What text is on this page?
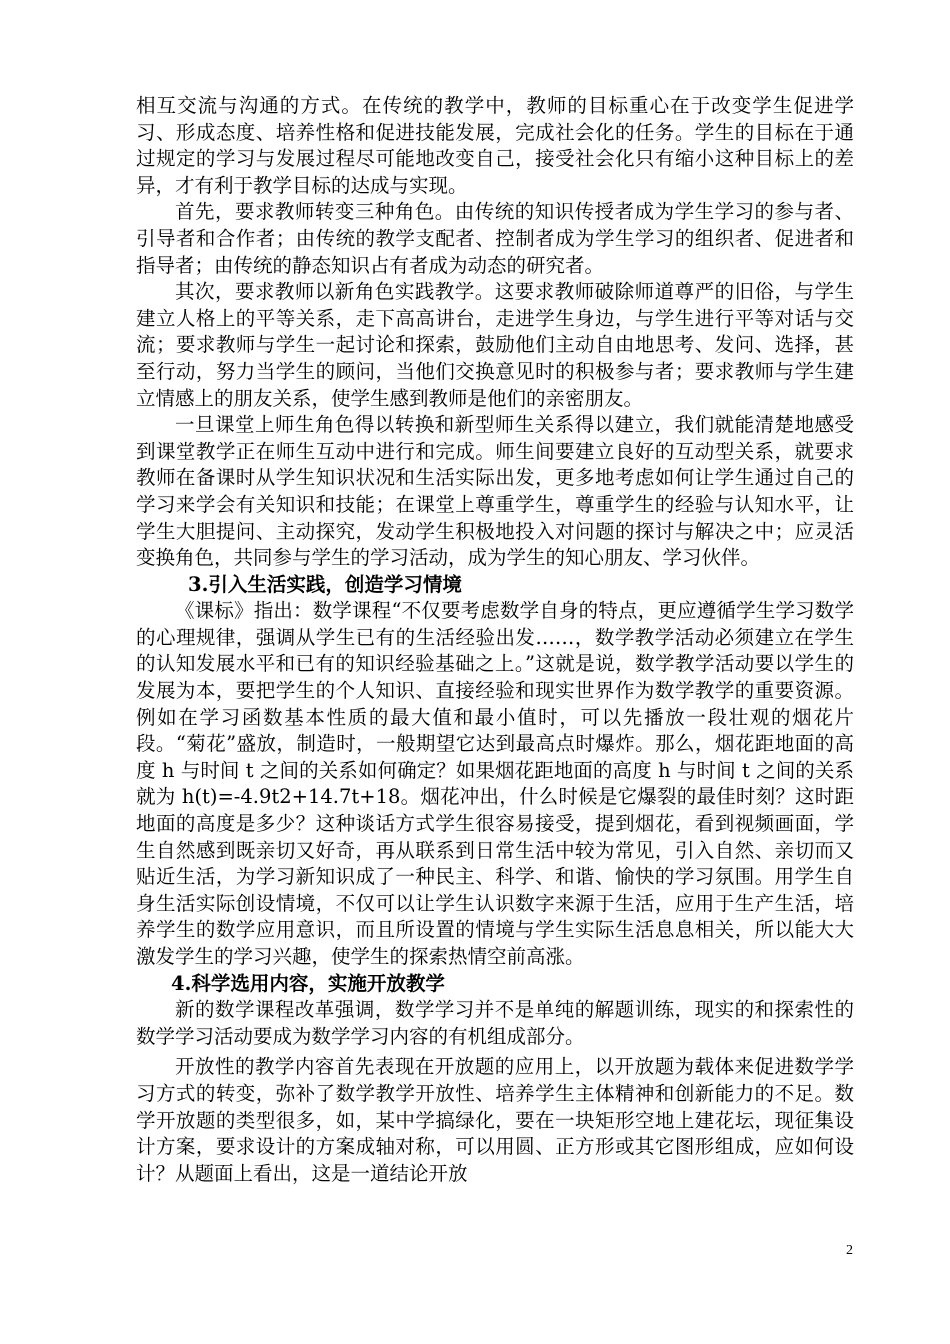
相互交流与沟通的方式。在传统的教学中，教师的目标重心在于改变学生促进学习、形成态度、培养性格和促进技能发展，完成社会化的任务。学生的目标在于通过规定的学习与发展过程尽可能地改变自己，接受社会化只有缩小这种目标上的差异，才有利于教学目标的达成与实现。

首先，要求教师转变三种角色。由传统的知识传授者成为学生学习的参与者、引导者和合作者；由传统的教学支配者、控制者成为学生学习的组织者、促进者和指导者；由传统的静态知识占有者成为动态的研究者。

其次，要求教师以新角色实践教学。这要求教师破除师道尊严的旧俗，与学生建立人格上的平等关系，走下高高讲台，走进学生身边，与学生进行平等对话与交流；要求教师与学生一起讨论和探索，鼓励他们主动自由地思考、发问、选择，甚至行动，努力当学生的顾问，当他们交换意见时的积极参与者；要求教师与学生建立情感上的朋友关系，使学生感到教师是他们的亲密朋友。

一旦课堂上师生角色得以转换和新型师生关系得以建立，我们就能清楚地感受到课堂教学正在师生互动中进行和完成。师生间要建立良好的互动型关系，就要求教师在备课时从学生知识状况和生活实际出发，更多地考虑如何让学生通过自己的学习来学会有关知识和技能；在课堂上尊重学生，尊重学生的经验与认知水平，让学生大胆提问、主动探究，发动学生积极地投入对问题的探讨与解决之中；应灵活变换角色，共同参与学生的学习活动，成为学生的知心朋友、学习伙伴。

3.引入生活实践，创造学习情境

《课标》指出：数学课程“不仅要考虑数学自身的特点，更应遵循学生学习数学的心理规律，强调从学生已有的生活经验出发……，数学教学活动必须建立在学生的认知发展水平和已有的知识经验基础之上。”这就是说，数学教学活动要以学生的发展为本，要把学生的个人知识、直接经验和现实世界作为数学教学的重要资源。例如在学习函数基本性质的最大值和最小值时，可以先播放一段壮观的烟花片段。“菊花”盛放，制造时，一般期望它达到最高点时爆炸。那么，烟花距地面的高度 h 与时间 t 之间的关系如何确定？如果烟花距地面的高度 h 与时间 t 之间的关系就为 h(t)=-4.9t2+14.7t+18。烟花冲出，什么时候是它爆裂的最佳时刻？这时距地面的高度是多少？这种谈话方式学生很容易接受，提到烟花，看到视频画面，学生自然感到既亲切又好奇，再从联系到日常生活中较为常见，引入自然、亲切而又贴近生活，为学习新知识成了一种民主、科学、和谐、愉快的学习氛围。用学生自身生活实际创设情境，不仅可以让学生认识数字来源于生活，应用于生产生活，培养学生的数学应用意识，而且所设置的情境与学生实际生活息息相关，所以能大大激发学生的学习兴趣，使学生的探索热情空前高涨。

4.科学选用内容，实施开放教学

新的数学课程改革强调，数学学习并不是单纯的解题训练，现实的和探索性的数学学习活动要成为数学学习内容的有机组成部分。

开放性的教学内容首先表现在开放题的应用上，以开放题为载体来促进数学学习方式的转变，弥补了数学教学开放性、培养学生主体精神和创新能力的不足。数学开放题的类型很多，如，某中学搞绿化，要在一块矩形空地上建花坛，现征集设计方案，要求设计的方案成轴对称，可以用圆、正方形或其它图形组成，应如何设计？从题面上看出，这是一道结论开放

2
